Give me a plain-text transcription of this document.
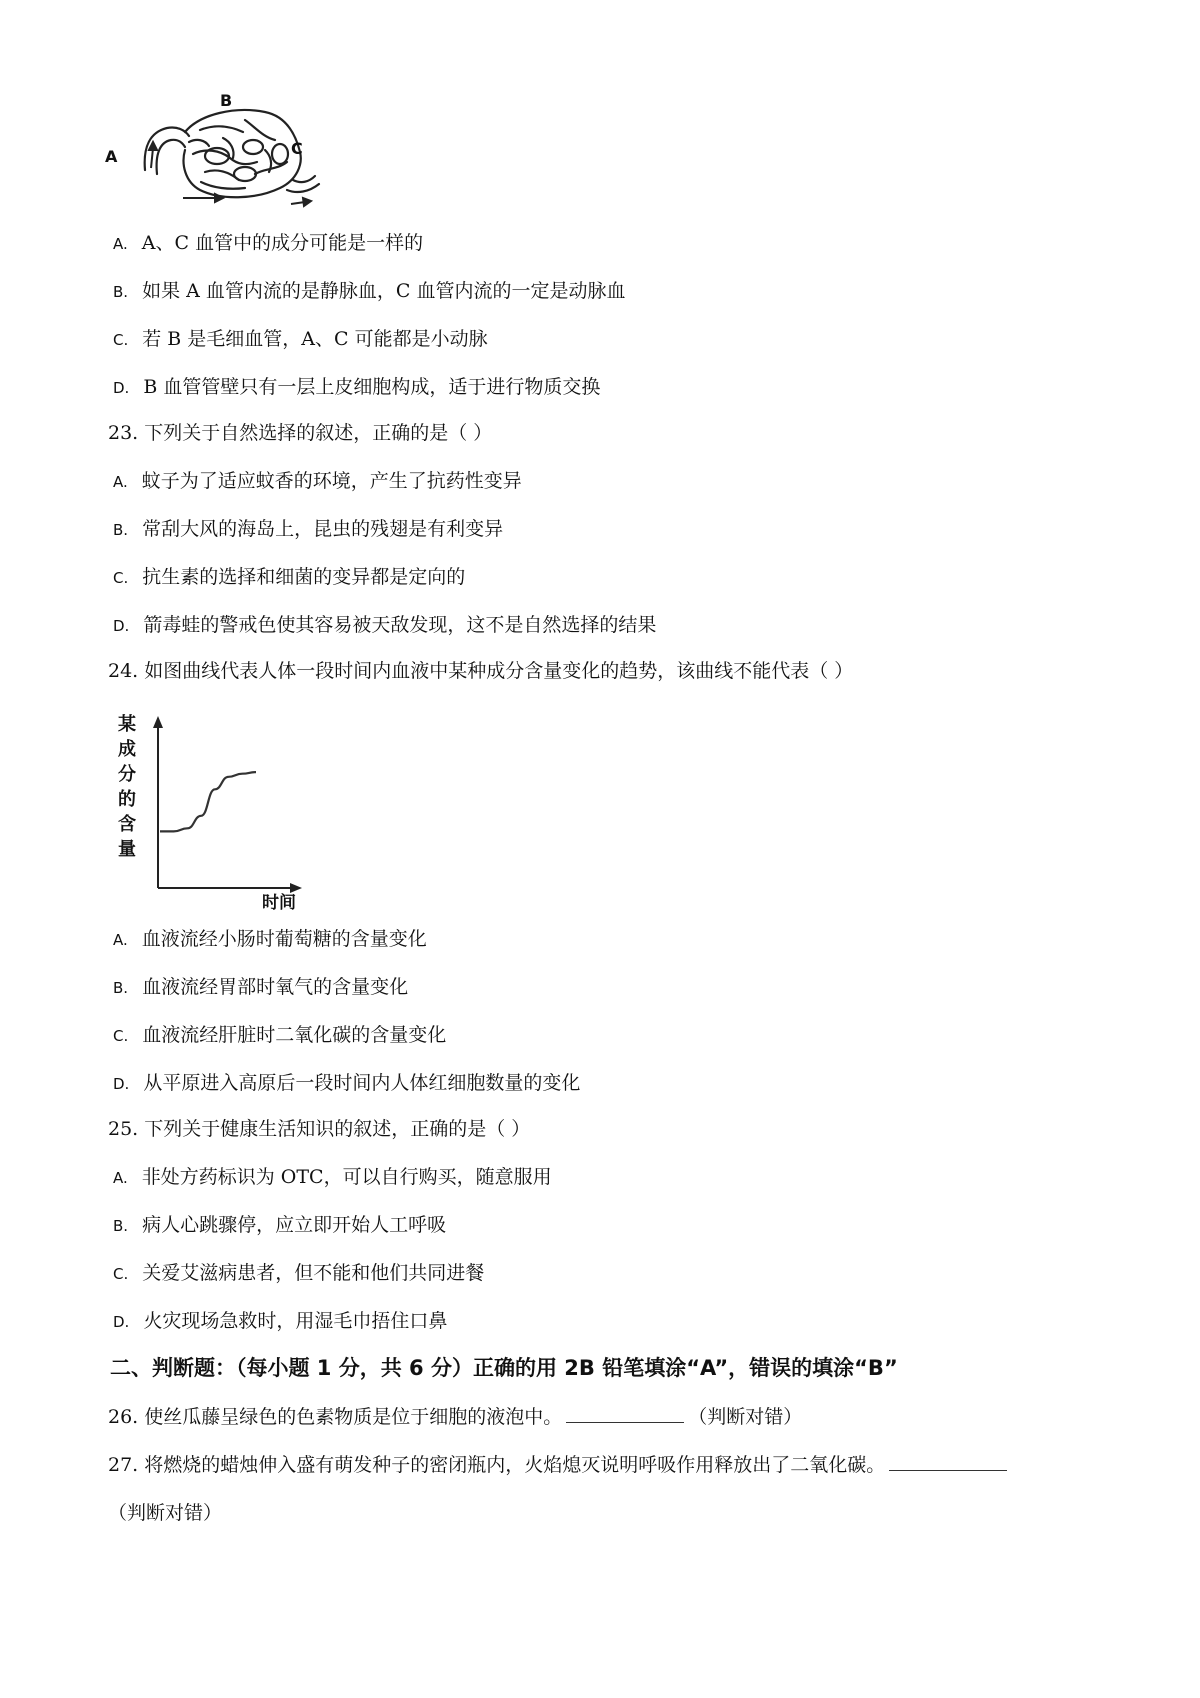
A
B
C
A. A、C 血管中的成分可能是一样的
B. 如果 A 血管内流的是静脉血，C 血管内流的一定是动脉血
C. 若 B 是毛细血管，A、C 可能都是小动脉
D. B 血管管壁只有一层上皮细胞构成，适于进行物质交换
23. 下列关于自然选择的叙述，正确的是（ ）
A. 蚊子为了适应蚊香的环境，产生了抗药性变异
B. 常刮大风的海岛上，昆虫的残翅是有利变异
C. 抗生素的选择和细菌的变异都是定向的
D. 箭毒蛙的警戒色使其容易被天敌发现，这不是自然选择的结果
24. 如图曲线代表人体一段时间内血液中某种成分含量变化的趋势，该曲线不能代表（ ）
某
成
分
的
含
量
时间
A. 血液流经小肠时葡萄糖的含量变化
B. 血液流经胃部时氧气的含量变化
C. 血液流经肝脏时二氧化碳的含量变化
D. 从平原进入高原后一段时间内人体红细胞数量的变化
25. 下列关于健康生活知识的叙述，正确的是（ ）
A. 非处方药标识为 OTC，可以自行购买，随意服用
B. 病人心跳骤停，应立即开始人工呼吸
C. 关爱艾滋病患者，但不能和他们共同进餐
D. 火灾现场急救时，用湿毛巾捂住口鼻
二、判断题：（每小题 1 分，共 6 分）正确的用 2B 铅笔填涂“A”，错误的填涂“B”
26. 使丝瓜藤呈绿色的色素物质是位于细胞的液泡中。	（判断对错）
27. 将燃烧的蜡烛伸入盛有萌发种子的密闭瓶内，火焰熄灭说明呼吸作用释放出了二氧化碳。
（判断对错）
